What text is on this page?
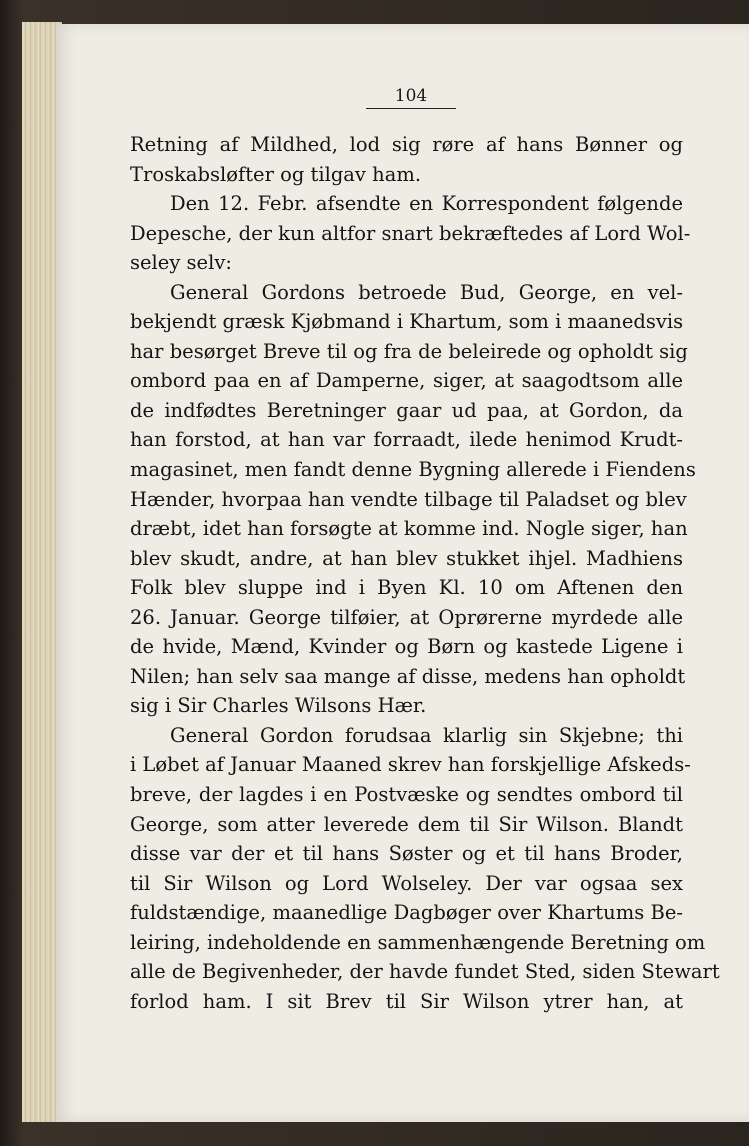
104
Retning af Mildhed, lod sig røre af hans Bønner og
Troskabsløfter og tilgav ham.
Den 12. Febr. afsendte en Korrespondent følgende
Depesche, der kun altfor snart bekræftedes af Lord Wol-
seley selv:
General Gordons betroede Bud, George, en vel-
bekjendt græsk Kjøbmand i Khartum, som i maanedsvis
har besørget Breve til og fra de beleirede og opholdt sig
ombord paa en af Damperne, siger, at saagodtsom alle
de indfødtes Beretninger gaar ud paa, at Gordon, da
han forstod, at han var forraadt, ilede henimod Krudt-
magasinet, men fandt denne Bygning allerede i Fiendens
Hænder, hvorpaa han vendte tilbage til Paladset og blev
dræbt, idet han forsøgte at komme ind. Nogle siger, han
blev skudt, andre, at han blev stukket ihjel. Madhiens
Folk blev sluppe ind i Byen Kl. 10 om Aftenen den
26. Januar. George tilføier, at Oprørerne myrdede alle
de hvide, Mænd, Kvinder og Børn og kastede Ligene i
Nilen; han selv saa mange af disse, medens han opholdt
sig i Sir Charles Wilsons Hær.
General Gordon forudsaa klarlig sin Skjebne; thi
i Løbet af Januar Maaned skrev han forskjellige Afskeds-
breve, der lagdes i en Postvæske og sendtes ombord til
George, som atter leverede dem til Sir Wilson. Blandt
disse var der et til hans Søster og et til hans Broder,
til Sir Wilson og Lord Wolseley. Der var ogsaa sex
fuldstændige, maanedlige Dagbøger over Khartums Be-
leiring, indeholdende en sammenhængende Beretning om
alle de Begivenheder, der havde fundet Sted, siden Stewart
forlod ham. I sit Brev til Sir Wilson ytrer han, at
